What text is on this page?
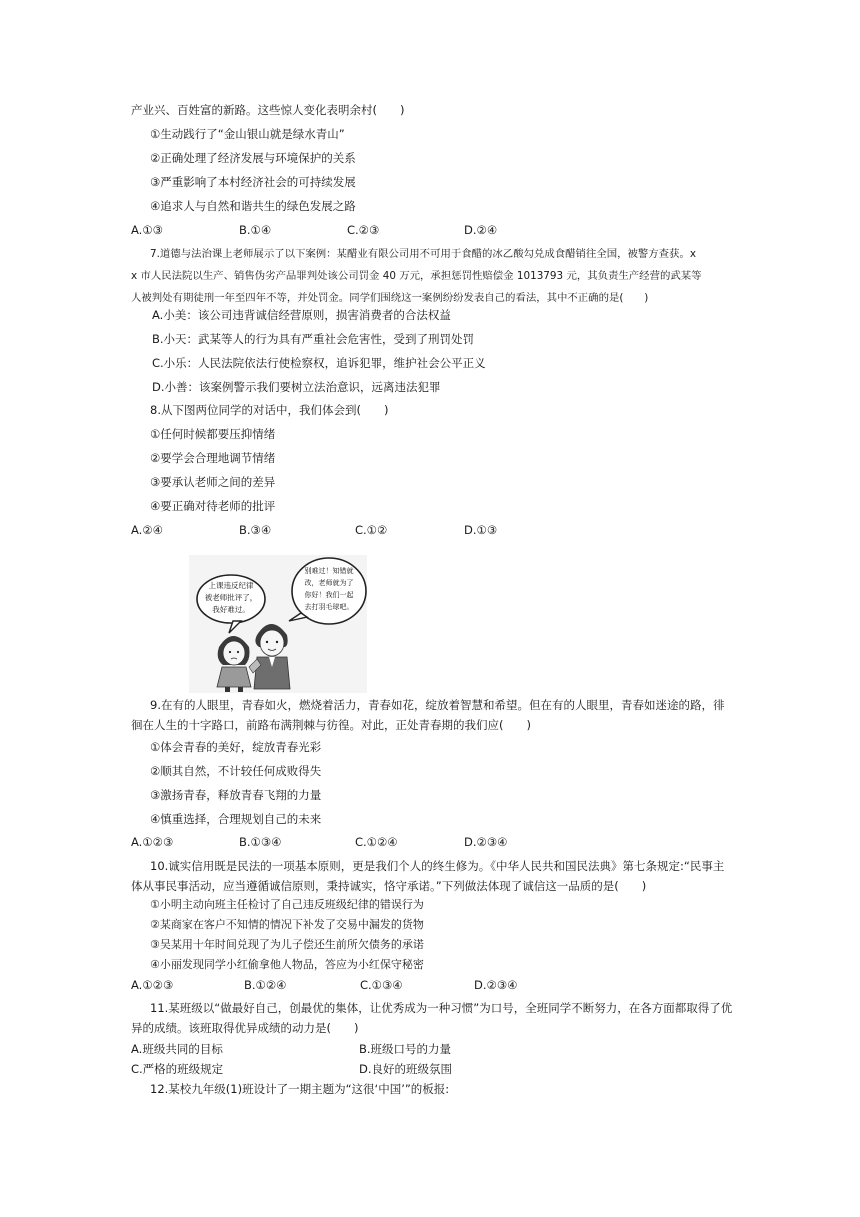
产业兴、百姓富的新路。这些惊人变化表明余村(　　)
①生动践行了“金山银山就是绿水青山”
②正确处理了经济发展与环境保护的关系
③严重影响了本村经济社会的可持续发展
④追求人与自然和谐共生的绿色发展之路
A.①③	B.①④	C.②③	D.②④
7.道德与法治课上老师展示了以下案例：某醋业有限公司用不可用于食醋的冰乙酸勾兑成食醋销往全国，被警方查获。x
x 市人民法院以生产、销售伪劣产品罪判处该公司罚金 40 万元，承担惩罚性赔偿金 1013793 元，其负责生产经营的武某等
人被判处有期徒刑一年至四年不等，并处罚金。同学们围绕这一案例纷纷发表自己的看法，其中不正确的是(　　)
A.小美：该公司违背诚信经营原则，损害消费者的合法权益
B.小天：武某等人的行为具有严重社会危害性，受到了刑罚处罚
C.小乐：人民法院依法行使检察权，追诉犯罪，维护社会公平正义
D.小善：该案例警示我们要树立法治意识，远离违法犯罪
8.从下图两位同学的对话中，我们体会到(　　)
①任何时候都要压抑情绪
②要学会合理地调节情绪
③要承认老师之间的差异
④要正确对待老师的批评
A.②④	B.③④	C.①②	D.①③
上课违反纪律
被老师批评了，
我好难过。
别难过！知错就
改，老师就为了
你好！我们一起
去打羽毛球吧。
9.在有的人眼里，青春如火，燃烧着活力，青春如花，绽放着智慧和希望。但在有的人眼里，青春如迷途的路，徘
徊在人生的十字路口，前路布满荆棘与彷徨。对此，正处青春期的我们应(　　)
①体会青春的美好，绽放青春光彩
②顺其自然，不计较任何成败得失
③激扬青春，释放青春飞翔的力量
④慎重选择，合理规划自己的未来
A.①②③	B.①③④	C.①②④	D.②③④
10.诚实信用既是民法的一项基本原则，更是我们个人的终生修为。《中华人民共和国民法典》第七条规定:“民事主
体从事民事活动，应当遵循诚信原则，秉持诚实，恪守承诺。”下列做法体现了诚信这一品质的是(　　)
①小明主动向班主任检讨了自己违反班级纪律的错误行为
②某商家在客户不知情的情况下补发了交易中漏发的货物
③吴某用十年时间兑现了为儿子偿还生前所欠债务的承诺
④小丽发现同学小红偷拿他人物品，答应为小红保守秘密
A.①②③	B.①②④	C.①③④	D.②③④
11.某班级以“做最好自己，创最优的集体，让优秀成为一种习惯”为口号，全班同学不断努力，在各方面都取得了优
异的成绩。该班取得优异成绩的动力是(　　)
A.班级共同的目标	B.班级口号的力量
C.严格的班级规定	D.良好的班级氛围
12.某校九年级(1)班设计了一期主题为“这很‘中国’”的板报:
